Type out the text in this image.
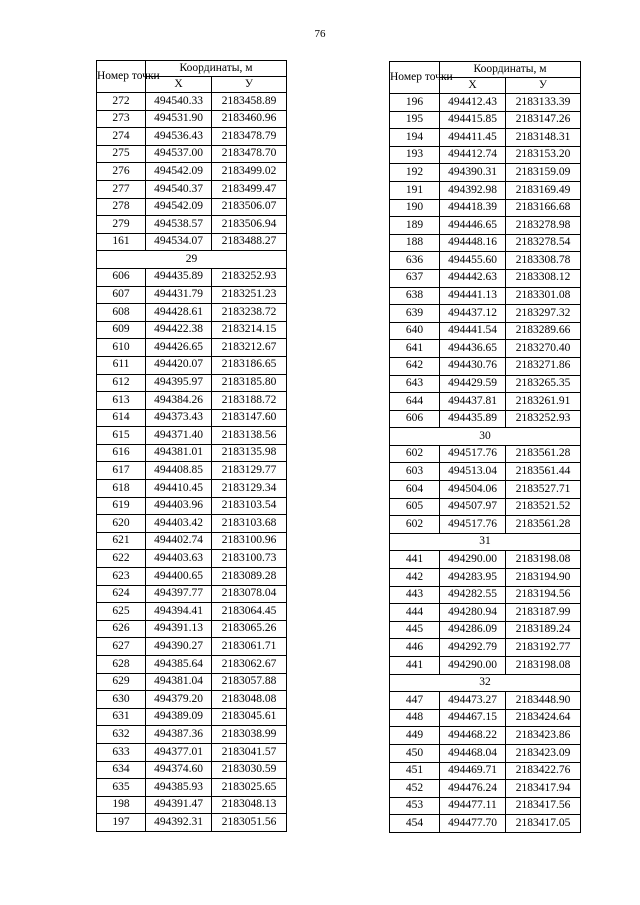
76
Номер точки	Координаты, м	
	X	У
272	494540.33	2183458.89
273	494531.90	2183460.96
274	494536.43	2183478.79
275	494537.00	2183478.70
276	494542.09	2183499.02
277	494540.37	2183499.47
278	494542.09	2183506.07
279	494538.57	2183506.94
161	494534.07	2183488.27
29		
606	494435.89	2183252.93
607	494431.79	2183251.23
608	494428.61	2183238.72
609	494422.38	2183214.15
610	494426.65	2183212.67
611	494420.07	2183186.65
612	494395.97	2183185.80
613	494384.26	2183188.72
614	494373.43	2183147.60
615	494371.40	2183138.56
616	494381.01	2183135.98
617	494408.85	2183129.77
618	494410.45	2183129.34
619	494403.96	2183103.54
620	494403.42	2183103.68
621	494402.74	2183100.96
622	494403.63	2183100.73
623	494400.65	2183089.28
624	494397.77	2183078.04
625	494394.41	2183064.45
626	494391.13	2183065.26
627	494390.27	2183061.71
628	494385.64	2183062.67
629	494381.04	2183057.88
630	494379.20	2183048.08
631	494389.09	2183045.61
632	494387.36	2183038.99
633	494377.01	2183041.57
634	494374.60	2183030.59
635	494385.93	2183025.65
198	494391.47	2183048.13
197	494392.31	2183051.56
Номер точки	Координаты, м	
	X	У
196	494412.43	2183133.39
195	494415.85	2183147.26
194	494411.45	2183148.31
193	494412.74	2183153.20
192	494390.31	2183159.09
191	494392.98	2183169.49
190	494418.39	2183166.68
189	494446.65	2183278.98
188	494448.16	2183278.54
636	494455.60	2183308.78
637	494442.63	2183308.12
638	494441.13	2183301.08
639	494437.12	2183297.32
640	494441.54	2183289.66
641	494436.65	2183270.40
642	494430.76	2183271.86
643	494429.59	2183265.35
644	494437.81	2183261.91
606	494435.89	2183252.93
30		
602	494517.76	2183561.28
603	494513.04	2183561.44
604	494504.06	2183527.71
605	494507.97	2183521.52
602	494517.76	2183561.28
31		
441	494290.00	2183198.08
442	494283.95	2183194.90
443	494282.55	2183194.56
444	494280.94	2183187.99
445	494286.09	2183189.24
446	494292.79	2183192.77
441	494290.00	2183198.08
32		
447	494473.27	2183448.90
448	494467.15	2183424.64
449	494468.22	2183423.86
450	494468.04	2183423.09
451	494469.71	2183422.76
452	494476.24	2183417.94
453	494477.11	2183417.56
454	494477.70	2183417.05
